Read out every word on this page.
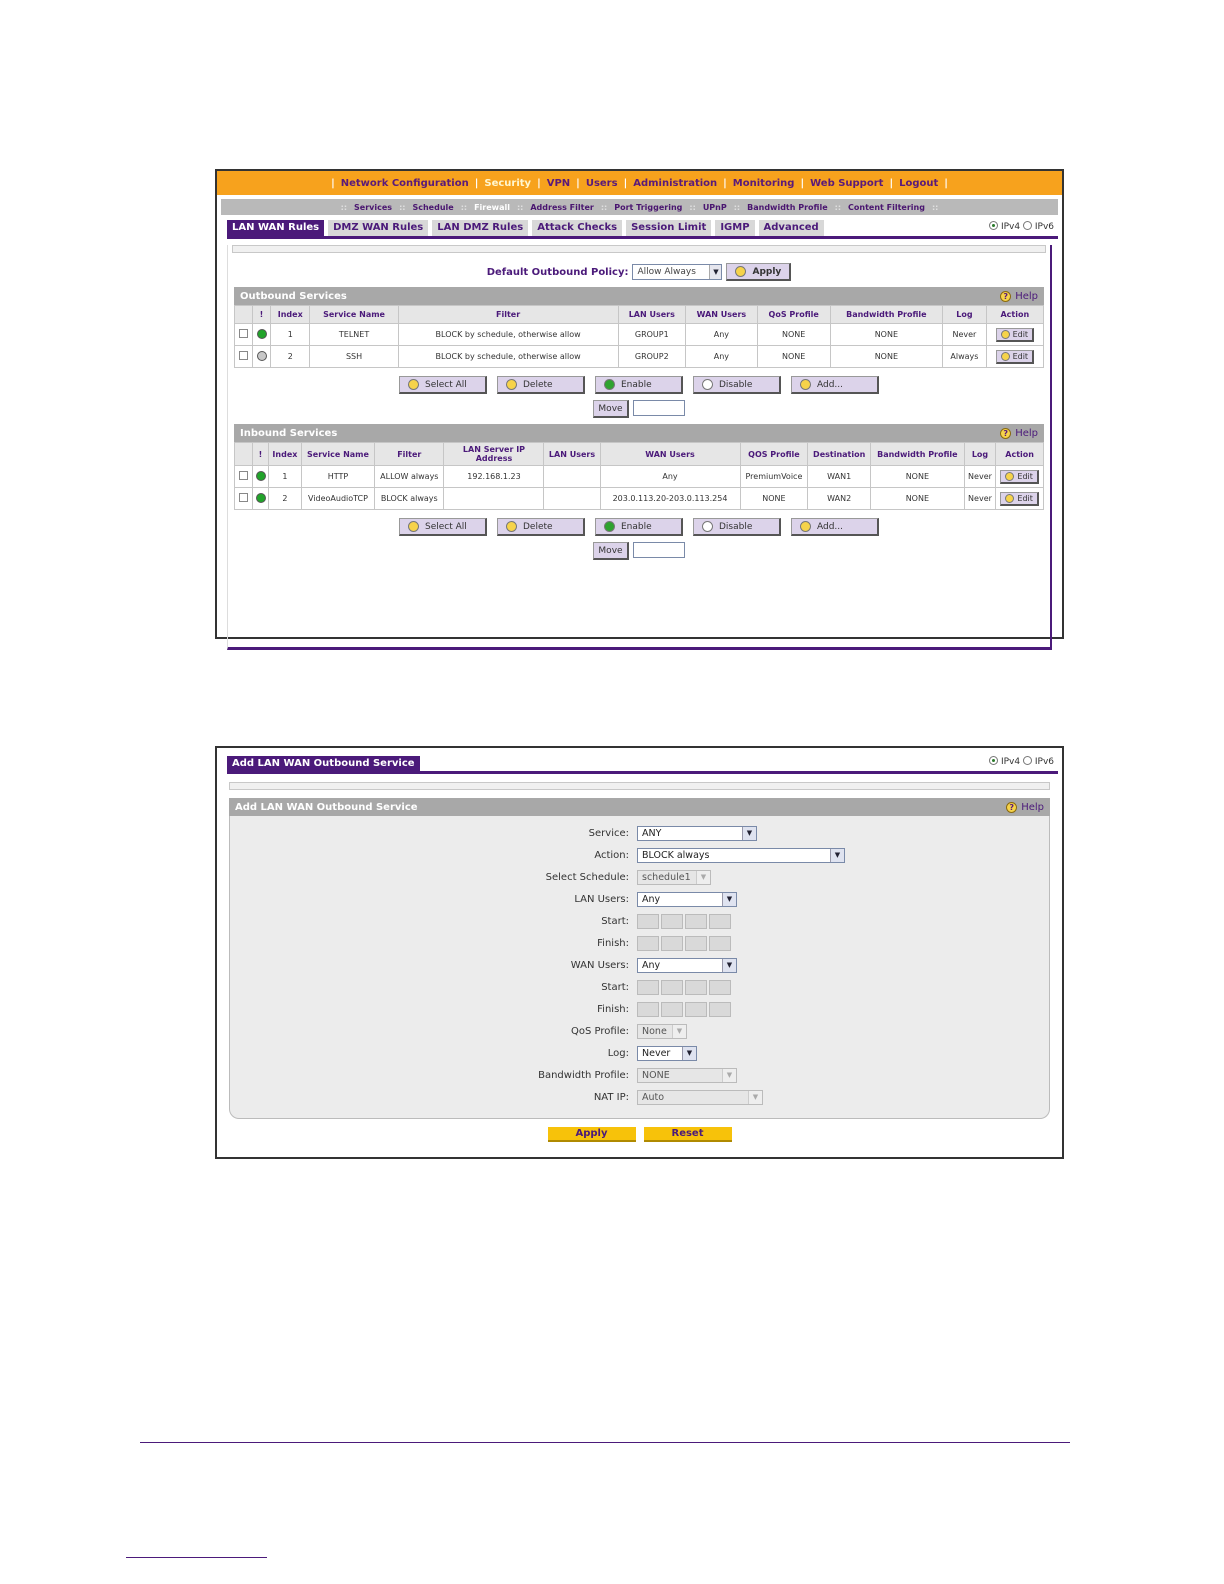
| Network Configuration | Security | VPN | Users | Administration | Monitoring | Web Support | Logout |
:: Services :: Schedule :: Firewall :: Address Filter :: Port Triggering :: UPnP :: Bandwidth Profile :: Content Filtering ::
LAN WAN Rules	DMZ WAN Rules	LAN DMZ Rules	Attack Checks	Session Limit	IGMP	Advanced	IPv4 IPv6
Default Outbound Policy: Allow Always	▼	Apply
Outbound Services	? Help
	!	Index	Service Name	Filter	LAN Users	WAN Users	QoS Profile	Bandwidth Profile	Log	Action
		1	TELNET	BLOCK by schedule, otherwise allow	GROUP1	Any	NONE	NONE	Never	Edit

		2	SSH	BLOCK by schedule, otherwise allow	GROUP2	Any	NONE	NONE	Always	Edit
Select All	Delete	Enable	Disable	Add...
Move
Inbound Services	? Help
	!	Index	Service Name	Filter	LAN Server IP Address	LAN Users	WAN Users	QOS Profile	Destination	Bandwidth Profile	Log	Action
		1	HTTP	ALLOW always	192.168.1.23		Any	PremiumVoice	WAN1	NONE	Never	Edit

		2	VideoAudioTCP	BLOCK always			203.0.113.20-203.0.113.254	NONE	WAN2	NONE	Never	Edit
Select All	Delete	Enable	Disable	Add...
Move
Add LAN WAN Outbound Service	IPv4 IPv6
Add LAN WAN Outbound Service	? Help
Service:	ANY	▼
Action:	BLOCK always	▼
Select Schedule:	schedule1	▼
LAN Users:	Any	▼
Start:
Finish:
WAN Users:	Any	▼
Start:
Finish:
QoS Profile:	None	▼
Log:	Never	▼
Bandwidth Profile:	NONE	▼
NAT IP:	Auto	▼
Apply	Reset
